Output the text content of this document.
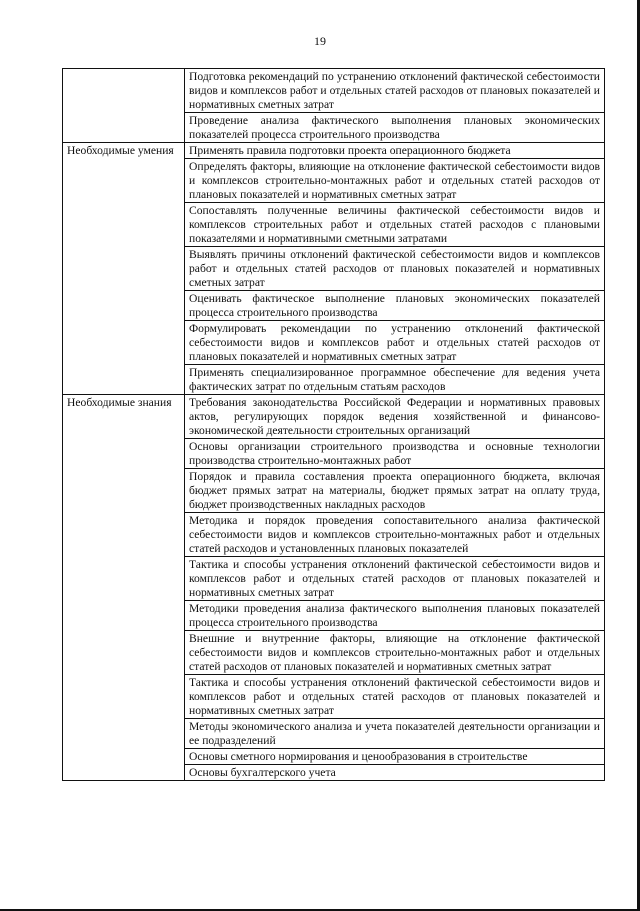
19
	Подготовка рекомендаций по устранению отклонений фактической себестоимости видов и комплексов работ и отдельных статей расходов от плановых показателей и нормативных сметных затрат
	Проведение анализа фактического выполнения плановых экономических показателей процесса строительного производства
Необходимые умения	Применять правила подготовки проекта операционного бюджета
	Определять факторы, влияющие на отклонение фактической себестоимости видов и комплексов строительно-монтажных работ и отдельных статей расходов от плановых показателей и нормативных сметных затрат
	Сопоставлять полученные величины фактической себестоимости видов и комплексов строительных работ и отдельных статей расходов с плановыми показателями и нормативными сметными затратами
	Выявлять причины отклонений фактической себестоимости видов и комплексов работ и отдельных статей расходов от плановых показателей и нормативных сметных затрат
	Оценивать фактическое выполнение плановых экономических показателей процесса строительного производства
	Формулировать рекомендации по устранению отклонений фактической себестоимости видов и комплексов работ и отдельных статей расходов от плановых показателей и нормативных сметных затрат
	Применять специализированное программное обеспечение для ведения учета фактических затрат по отдельным статьям расходов
Необходимые знания	Требования законодательства Российской Федерации и нормативных правовых актов, регулирующих порядок ведения хозяйственной и финансово-экономической деятельности строительных организаций
	Основы организации строительного производства и основные технологии производства строительно-монтажных работ
	Порядок и правила составления проекта операционного бюджета, включая бюджет прямых затрат на материалы, бюджет прямых затрат на оплату труда, бюджет производственных накладных расходов
	Методика и порядок проведения сопоставительного анализа фактической себестоимости видов и комплексов строительно-монтажных работ и отдельных статей расходов и установленных плановых показателей
	Тактика и способы устранения отклонений фактической себестоимости видов и комплексов работ и отдельных статей расходов от плановых показателей и нормативных сметных затрат
	Методики проведения анализа фактического выполнения плановых показателей процесса строительного производства
	Внешние и внутренние факторы, влияющие на отклонение фактической себестоимости видов и комплексов строительно-монтажных работ и отдельных статей расходов от плановых показателей и нормативных сметных затрат
	Тактика и способы устранения отклонений фактической себестоимости видов и комплексов работ и отдельных статей расходов от плановых показателей и нормативных сметных затрат
	Методы экономического анализа и учета показателей деятельности организации и ее подразделений
	Основы сметного нормирования и ценообразования в строительстве
	Основы бухгалтерского учета
